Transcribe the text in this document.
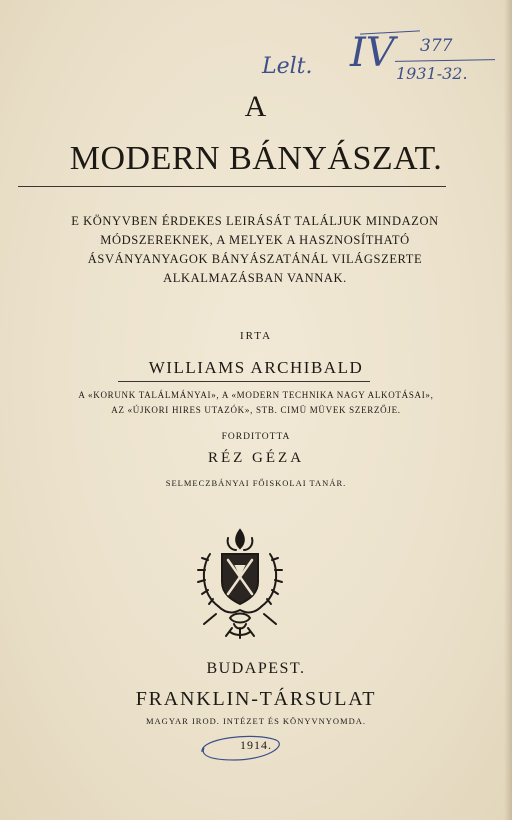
Lelt. IV 377
1931-32.
A
MODERN BÁNYÁSZAT.
E KÖNYVBEN ÉRDEKES LEIRÁSÁT TALÁLJUK MINDAZON MÓDSZEREKNEK, A MELYEK A HASZNOSÍTHATÓ ÁSVÁNYANYAGOK BÁNYÁSZATÁNÁL VILÁGSZERTE ALKALMAZÁSBAN VANNAK.
IRTA
WILLIAMS ARCHIBALD
A «KORUNK TALÁLMÁNYAI», A «MODERN TECHNIKA NAGY ALKOTÁSAI»,
AZ «ÚJKORI HIRES UTAZÓK», STB. CIMÜ MÜVEK SZERZŐJE.
FORDITOTTA
RÉZ GÉZA
SELMECZBÁNYAI FŐISKOLAI TANÁR.
BUDAPEST.
FRANKLIN-TÁRSULAT
MAGYAR IROD. INTÉZET ÉS KÖNYVNYOMDA.
1914.
